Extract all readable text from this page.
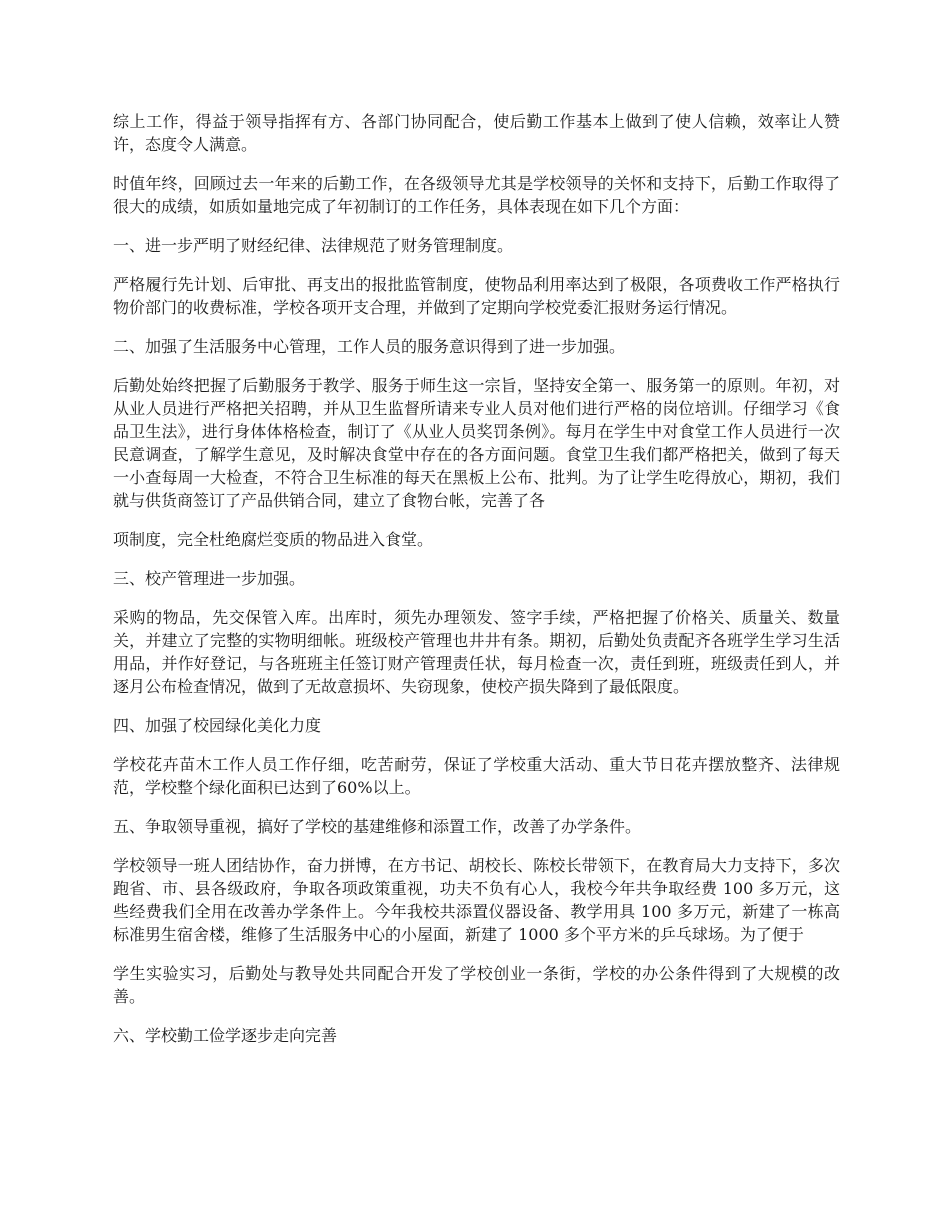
综上工作，得益于领导指挥有方、各部门协同配合，使后勤工作基本上做到了使人信赖，效率让人赞许，态度令人满意。

时值年终，回顾过去一年来的后勤工作，在各级领导尤其是学校领导的关怀和支持下，后勤工作取得了很大的成绩，如质如量地完成了年初制订的工作任务，具体表现在如下几个方面：

一、进一步严明了财经纪律、法律规范了财务管理制度。

严格履行先计划、后审批、再支出的报批监管制度，使物品利用率达到了极限，各项费收工作严格执行物价部门的收费标准，学校各项开支合理，并做到了定期向学校党委汇报财务运行情况。

二、加强了生活服务中心管理，工作人员的服务意识得到了进一步加强。

后勤处始终把握了后勤服务于教学、服务于师生这一宗旨，坚持安全第一、服务第一的原则。年初，对从业人员进行严格把关招聘，并从卫生监督所请来专业人员对他们进行严格的岗位培训。仔细学习《食品卫生法》，进行身体体格检查，制订了《从业人员奖罚条例》。每月在学生中对食堂工作人员进行一次民意调查，了解学生意见，及时解决食堂中存在的各方面问题。食堂卫生我们都严格把关，做到了每天一小查每周一大检查，不符合卫生标准的每天在黑板上公布、批判。为了让学生吃得放心，期初，我们就与供货商签订了产品供销合同，建立了食物台帐，完善了各

项制度，完全杜绝腐烂变质的物品进入食堂。

三、校产管理进一步加强。

采购的物品，先交保管入库。出库时，须先办理领发、签字手续，严格把握了价格关、质量关、数量关，并建立了完整的实物明细帐。班级校产管理也井井有条。期初，后勤处负责配齐各班学生学习生活用品，并作好登记，与各班班主任签订财产管理责任状，每月检查一次，责任到班，班级责任到人，并逐月公布检查情况，做到了无故意损坏、失窃现象，使校产损失降到了最低限度。

四、加强了校园绿化美化力度

学校花卉苗木工作人员工作仔细，吃苦耐劳，保证了学校重大活动、重大节日花卉摆放整齐、法律规范，学校整个绿化面积已达到了60%以上。

五、争取领导重视，搞好了学校的基建维修和添置工作，改善了办学条件。

学校领导一班人团结协作，奋力拼博，在方书记、胡校长、陈校长带领下，在教育局大力支持下，多次跑省、市、县各级政府，争取各项政策重视，功夫不负有心人，我校今年共争取经费 100 多万元，这些经费我们全用在改善办学条件上。今年我校共添置仪器设备、教学用具 100 多万元，新建了一栋高标准男生宿舍楼，维修了生活服务中心的小屋面，新建了 1000 多个平方米的乒乓球场。为了便于

学生实验实习，后勤处与教导处共同配合开发了学校创业一条街，学校的办公条件得到了大规模的改善。

六、学校勤工俭学逐步走向完善
